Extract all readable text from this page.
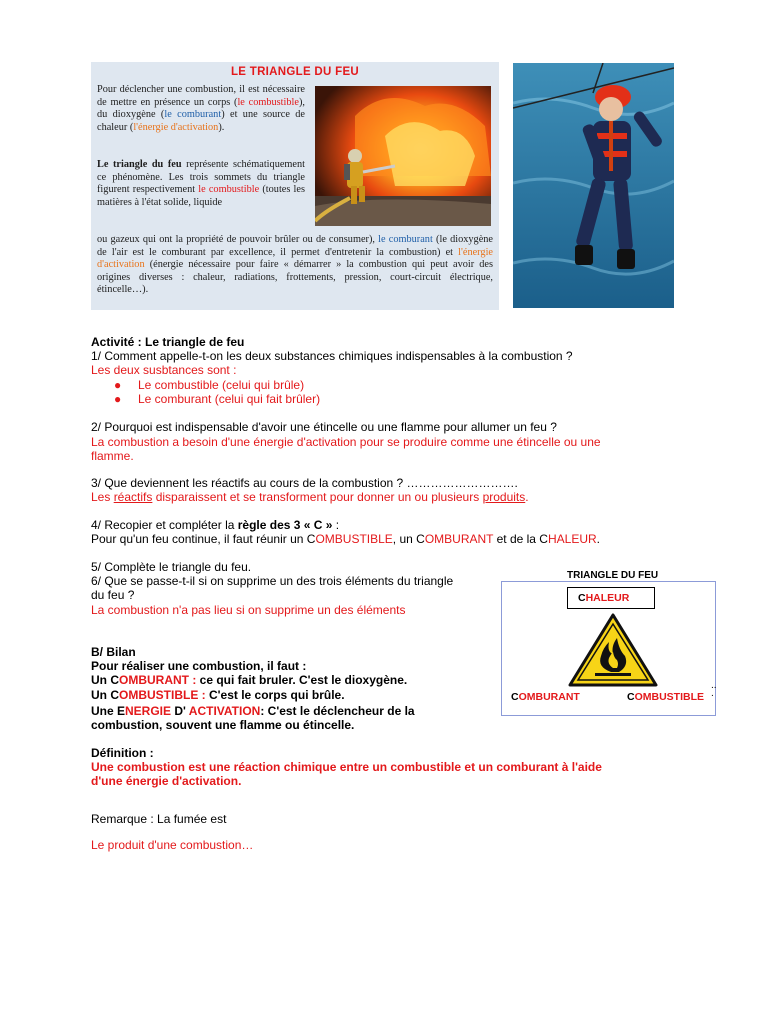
LE TRIANGLE DU FEU
Pour déclencher une combustion, il est nécessaire de mettre en présence un corps (le combustible), du dioxygène (le comburant) et une source de chaleur (l'énergie d'activation).
Le triangle du feu représente schématiquement ce phénomène. Les trois sommets du triangle figurent respectivement le combustible (toutes les matières à l'état solide, liquide
ou gazeux qui ont la propriété de pouvoir brûler ou de consumer), le comburant (le dioxygène de l'air est le comburant par excellence, il permet d'entretenir la combustion) et l'énergie d'activation (énergie nécessaire pour faire « démarrer » la combustion qui peut avoir des origines diverses : chaleur, radiations, frottements, pression, court-circuit électrique, étincelle…).
Activité : Le triangle de feu
1/ Comment appelle-t-on les deux substances chimiques indispensables à la combustion ?
Les deux susbtances sont :
● Le combustible (celui qui brûle)
● Le comburant (celui qui fait brûler)
2/ Pourquoi est indispensable d'avoir une étincelle ou une flamme pour allumer un feu ?
La combustion a besoin d'une énergie d'activation pour se produire comme une étincelle ou une
flamme.
3/ Que deviennent les réactifs au cours de la combustion ? ……………………….
Les réactifs disparaissent et se transforment pour donner un ou plusieurs produits.
4/ Recopier et compléter la règle des 3 « C » :
Pour qu'un feu continue, il faut réunir un COMBUSTIBLE, un COMBURANT et de la CHALEUR.
5/ Complète le triangle du feu.
6/ Que se passe-t-il si on supprime un des trois éléments du triangle
du feu ?
La combustion n'a pas lieu si on supprime un des éléments
TRIANGLE DU FEU
CHALEUR
COMBURANT	COMBUSTIBLE
..
.
B/ Bilan
Pour réaliser une combustion, il faut :
Un COMBURANT : ce qui fait bruler. C'est le dioxygène.
Un COMBUSTIBLE : C'est le corps qui brûle.
Une ENERGIE D' ACTIVATION: C'est le déclencheur de la
combustion, souvent une flamme ou étincelle.
Définition :
Une combustion est une réaction chimique entre un combustible et un comburant à l'aide
d'une énergie d'activation.
Remarque : La fumée est
Le produit d'une combustion…
